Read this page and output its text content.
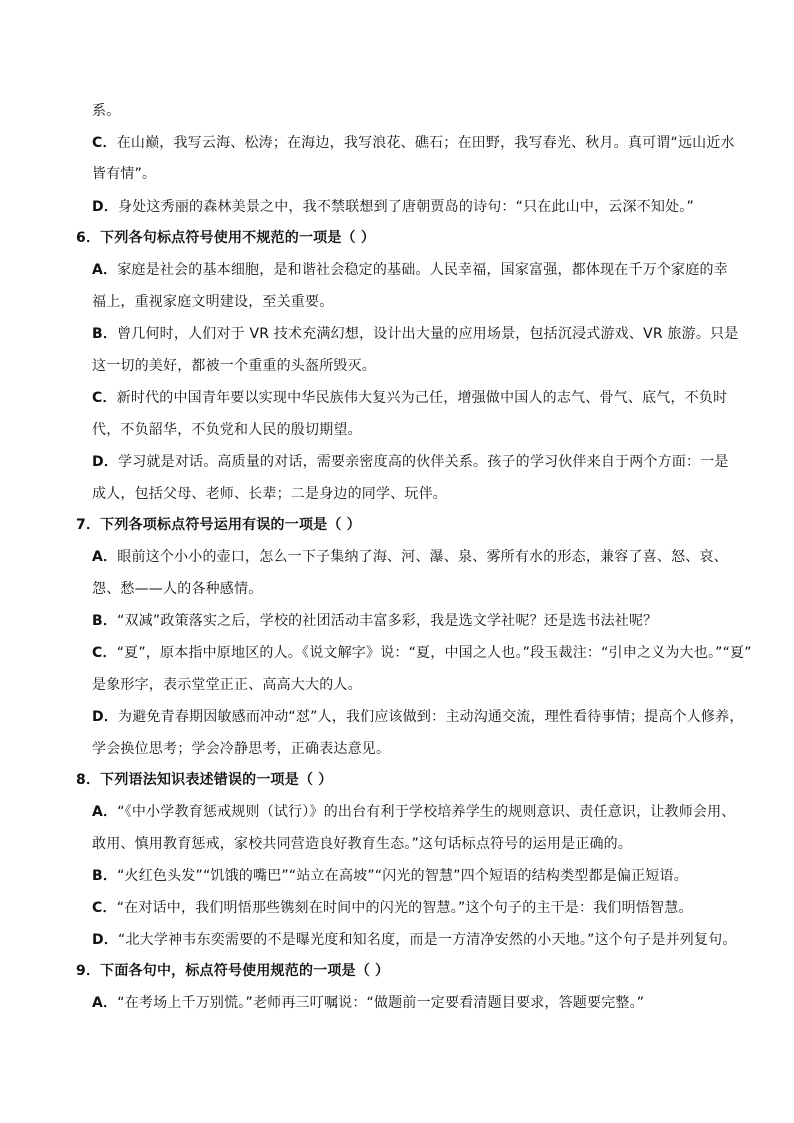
系。
C．在山巅，我写云海、松涛；在海边，我写浪花、礁石；在田野，我写春光、秋月。真可谓“远山近水
皆有情”。
D．身处这秀丽的森林美景之中，我不禁联想到了唐朝贾岛的诗句：“只在此山中，云深不知处。”
6．下列各句标点符号使用不规范的一项是（ ）
A．家庭是社会的基本细胞，是和谐社会稳定的基础。人民幸福，国家富强，都体现在千万个家庭的幸
福上，重视家庭文明建设，至关重要。
B．曾几何时，人们对于 VR 技术充满幻想，设计出大量的应用场景，包括沉浸式游戏、VR 旅游。只是
这一切的美好，都被一个重重的头盔所毁灭。
C．新时代的中国青年要以实现中华民族伟大复兴为己任，增强做中国人的志气、骨气、底气，不负时
代，不负韶华，不负党和人民的殷切期望。
D．学习就是对话。高质量的对话，需要亲密度高的伙伴关系。孩子的学习伙伴来自于两个方面：一是
成人，包括父母、老师、长辈；二是身边的同学、玩伴。
7．下列各项标点符号运用有误的一项是（ ）
A．眼前这个小小的壶口，怎么一下子集纳了海、河、瀑、泉、雾所有水的形态，兼容了喜、怒、哀、
怨、愁——人的各种感情。
B．“双减”政策落实之后，学校的社团活动丰富多彩，我是选文学社呢？还是选书法社呢？
C．“夏”，原本指中原地区的人。《说文解字》说：“夏，中国之人也。”段玉裁注：“引申之义为大也。”“夏”
是象形字，表示堂堂正正、高高大大的人。
D．为避免青春期因敏感而冲动“怼”人，我们应该做到：主动沟通交流，理性看待事情；提高个人修养，
学会换位思考；学会冷静思考，正确表达意见。
8．下列语法知识表述错误的一项是（ ）
A．“《中小学教育惩戒规则（试行）》的出台有利于学校培养学生的规则意识、责任意识，让教师会用、
敢用、慎用教育惩戒，家校共同营造良好教育生态。”这句话标点符号的运用是正确的。
B．“火红色头发”“饥饿的嘴巴”“站立在高坡”“闪光的智慧”四个短语的结构类型都是偏正短语。
C．“在对话中，我们明悟那些镌刻在时间中的闪光的智慧。”这个句子的主干是：我们明悟智慧。
D．“北大学神韦东奕需要的不是曝光度和知名度，而是一方清净安然的小天地。”这个句子是并列复句。
9．下面各句中，标点符号使用规范的一项是（ ）
A．“在考场上千万别慌。”老师再三叮嘱说：“做题前一定要看清题目要求，答题要完整。”
